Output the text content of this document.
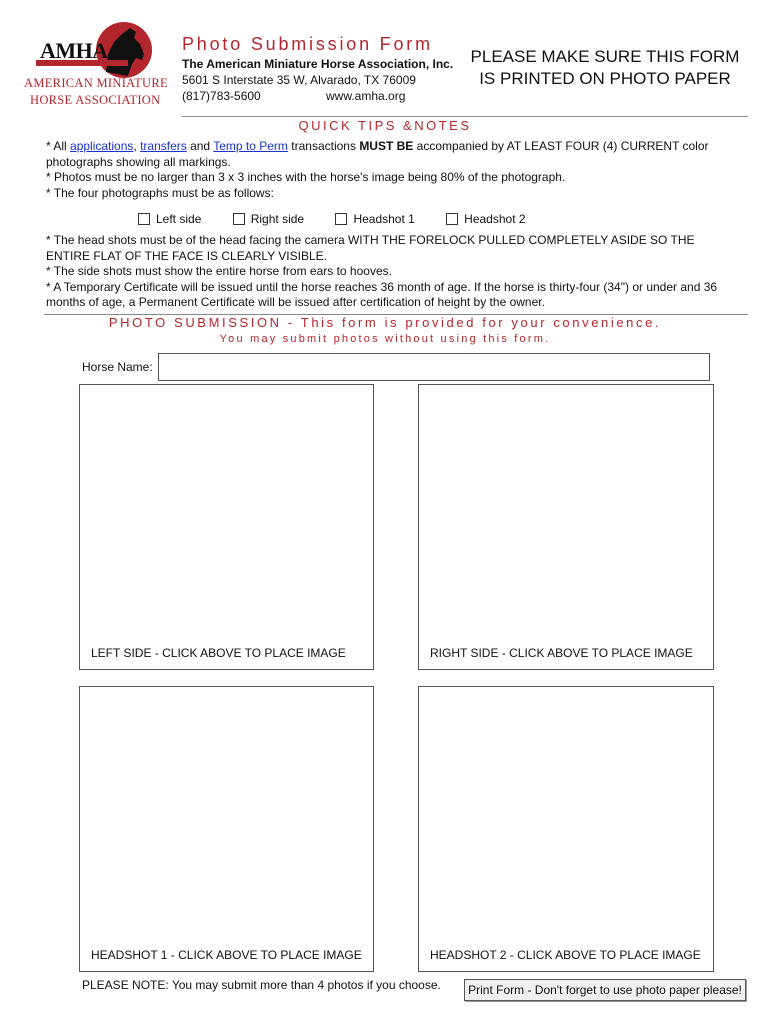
AMHA
AMERICAN MINIATURE
HORSE ASSOCIATION
Photo Submission Form
The American Miniature Horse Association, Inc.
5601 S Interstate 35 W, Alvarado, TX 76009
(817)783-5600	www.amha.org
PLEASE MAKE SURE THIS FORM
IS PRINTED ON PHOTO PAPER
QUICK TIPS &NOTES

* All applications, transfers and Temp to Perm transactions MUST BE accompanied by AT LEAST FOUR (4) CURRENT color photographs showing all markings.

* Photos must be no larger than 3 x 3 inches with the horse's image being 80% of the photograph.

* The four photographs must be as follows:

Left side
	Right side
	Headshot 1
	Headshot 2

* The head shots must be of the head facing the camera WITH THE FORELOCK PULLED COMPLETELY ASIDE SO THE ENTIRE FLAT OF THE FACE IS CLEARLY VISIBLE.

* The side shots must show the entire horse from ears to hooves.

* A Temporary Certificate will be issued until the horse reaches 36 month of age. If the horse is thirty-four (34") or under and 36 months of age, a Permanent Certificate will be issued after certification of height by the owner.

PHOTO SUBMISSION - This form is provided for your convenience.
You may submit photos without using this form.
Horse Name:
LEFT SIDE - CLICK ABOVE TO PLACE IMAGE	RIGHT SIDE - CLICK ABOVE TO PLACE IMAGE
HEADSHOT 1 - CLICK ABOVE TO PLACE IMAGE	HEADSHOT 2 - CLICK ABOVE TO PLACE IMAGE
PLEASE NOTE: You may submit more than 4 photos if you choose.	Print Form - Don't forget to use photo paper please!
